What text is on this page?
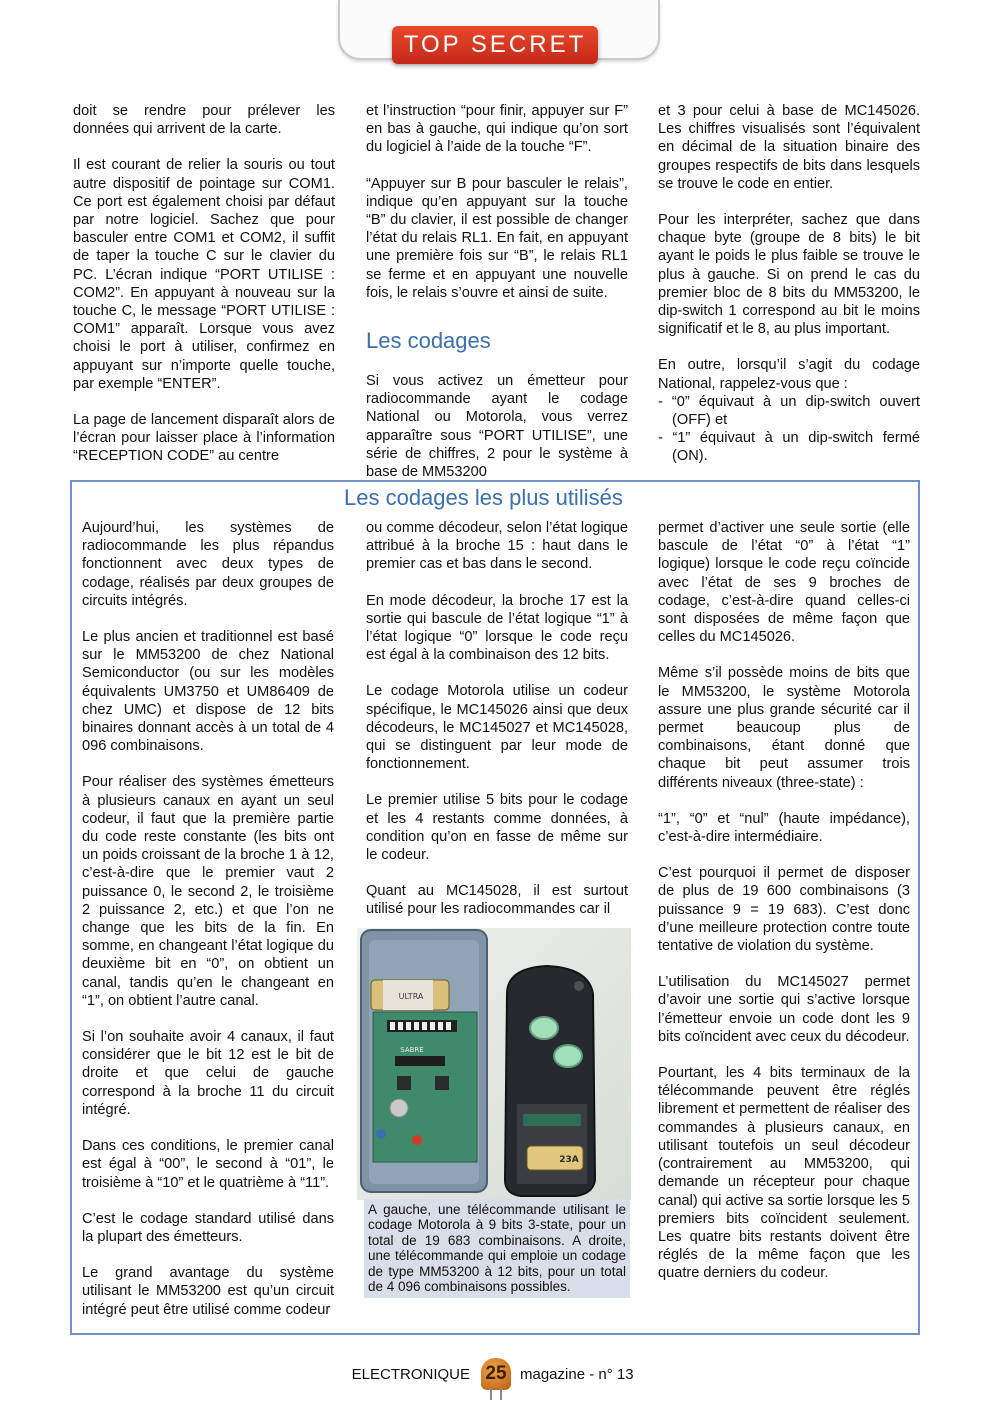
TOP SECRET

doit se rendre pour prélever les données qui arrivent de la carte.

Il est courant de relier la souris ou tout autre dispositif de pointage sur COM1. Ce port est également choisi par défaut par notre logiciel. Sachez que pour basculer entre COM1 et COM2, il suffit de taper la touche C sur le clavier du PC. L’écran indique “PORT UTILISE : COM2”. En appuyant à nouveau sur la touche C, le message “PORT UTILISE : COM1” apparaît. Lorsque vous avez choisi le port à utiliser, confirmez en appuyant sur n’importe quelle touche, par exemple “ENTER”.

La page de lancement disparaît alors de l’écran pour laisser place à l’information “RECEPTION CODE” au centre

et l’instruction “pour finir, appuyer sur F” en bas à gauche, qui indique qu’on sort du logiciel à l’aide de la touche “F”.

“Appuyer sur B pour basculer le relais”, indique qu’en appuyant sur la touche “B” du clavier, il est possible de changer l’état du relais RL1. En fait, en appuyant une première fois sur “B”, le relais RL1 se ferme et en appuyant une nouvelle fois, le relais s’ouvre et ainsi de suite.

Les codages

Si vous activez un émetteur pour radiocommande ayant le codage National ou Motorola, vous verrez apparaître sous “PORT UTILISE”, une série de chiffres, 2 pour le système à base de MM53200

et 3 pour celui à base de MC145026. Les chiffres visualisés sont l’équivalent en décimal de la situation binaire des groupes respectifs de bits dans lesquels se trouve le code en entier.

Pour les interpréter, sachez que dans chaque byte (groupe de 8 bits) le bit ayant le poids le plus faible se trouve le plus à gauche. Si on prend le cas du premier bloc de 8 bits du MM53200, le dip-switch 1 correspond au bit le moins significatif et le 8, au plus important.

En outre, lorsqu’il s’agit du codage National, rappelez-vous que :

- “0” équivaut à un dip-switch ouvert (OFF) et
- “1” équivaut à un dip-switch fermé (ON).
Les codages les plus utilisés

Aujourd’hui, les systèmes de radiocommande les plus répandus fonctionnent avec deux types de codage, réalisés par deux groupes de circuits intégrés.

Le plus ancien et traditionnel est basé sur le MM53200 de chez National Semiconductor (ou sur les modèles équivalents UM3750 et UM86409 de chez UMC) et dispose de 12 bits binaires donnant accès à un total de 4 096 combinaisons.

Pour réaliser des systèmes émetteurs à plusieurs canaux en ayant un seul codeur, il faut que la première partie du code reste constante (les bits ont un poids croissant de la broche 1 à 12, c’est-à-dire que le premier vaut 2 puissance 0, le second 2, le troisième 2 puissance 2, etc.) et que l’on ne change que les bits de la fin. En somme, en changeant l’état logique du deuxième bit en “0”, on obtient un canal, tandis qu’en le changeant en “1”, on obtient l’autre canal.

Si l’on souhaite avoir 4 canaux, il faut considérer que le bit 12 est le bit de droite et que celui de gauche correspond à la broche 11 du circuit intégré.

Dans ces conditions, le premier canal est égal à “00”, le second à “01”, le troisième à “10” et le quatrième à “11”.

C’est le codage standard utilisé dans la plupart des émetteurs.

Le grand avantage du système utilisant le MM53200 est qu’un circuit intégré peut être utilisé comme codeur

ou comme décodeur, selon l’état logique attribué à la broche 15 : haut dans le premier cas et bas dans le second.

En mode décodeur, la broche 17 est la sortie qui bascule de l’état logique “1” à l’état logique “0” lorsque le code reçu est égal à la combinaison des 12 bits.

Le codage Motorola utilise un codeur spécifique, le MC145026 ainsi que deux décodeurs, le MC145027 et MC145028, qui se distinguent par leur mode de fonctionnement.

Le premier utilise 5 bits pour le codage et les 4 restants comme données, à condition qu’on en fasse de même sur le codeur.

Quant au MC145028, il est surtout utilisé pour les radiocommandes car il

permet d’activer une seule sortie (elle bascule de l’état “0” à l’état “1” logique) lorsque le code reçu coïncide avec l’état de ses 9 broches de codage, c’est-à-dire quand celles-ci sont disposées de même façon que celles du MC145026.

Même s’il possède moins de bits que le MM53200, le système Motorola assure une plus grande sécurité car il permet beaucoup plus de combinaisons, étant donné que chaque bit peut assumer trois différents niveaux (three-state) :

“1”, “0” et “nul” (haute impédance), c’est-à-dire intermédiaire.

C’est pourquoi il permet de disposer de plus de 19 600 combinaisons (3 puissance 9 = 19 683). C’est donc d’une meilleure protection contre toute tentative de violation du système.

L’utilisation du MC145027 permet d’avoir une sortie qui s’active lorsque l’émetteur envoie un code dont les 9 bits coïncident avec ceux du décodeur.

Pourtant, les 4 bits terminaux de la télécommande peuvent être réglés librement et permettent de réaliser des commandes à plusieurs canaux, en utilisant toutefois un seul décodeur (contrairement au MM53200, qui demande un récepteur pour chaque canal) qui active sa sortie lorsque les 5 premiers bits coïncident seulement. Les quatre bits restants doivent être réglés de la même façon que les quatre derniers du codeur.

ULTRA
SABRE
23A
A gauche, une télécommande utilisant le codage Motorola à 9 bits 3-state, pour un total de 19 683 combinaisons. A droite, une télécommande qui emploie un codage de type MM53200 à 12 bits, pour un total de 4 096 combinaisons possibles.
ELECTRONIQUE 25 magazine - n° 13
